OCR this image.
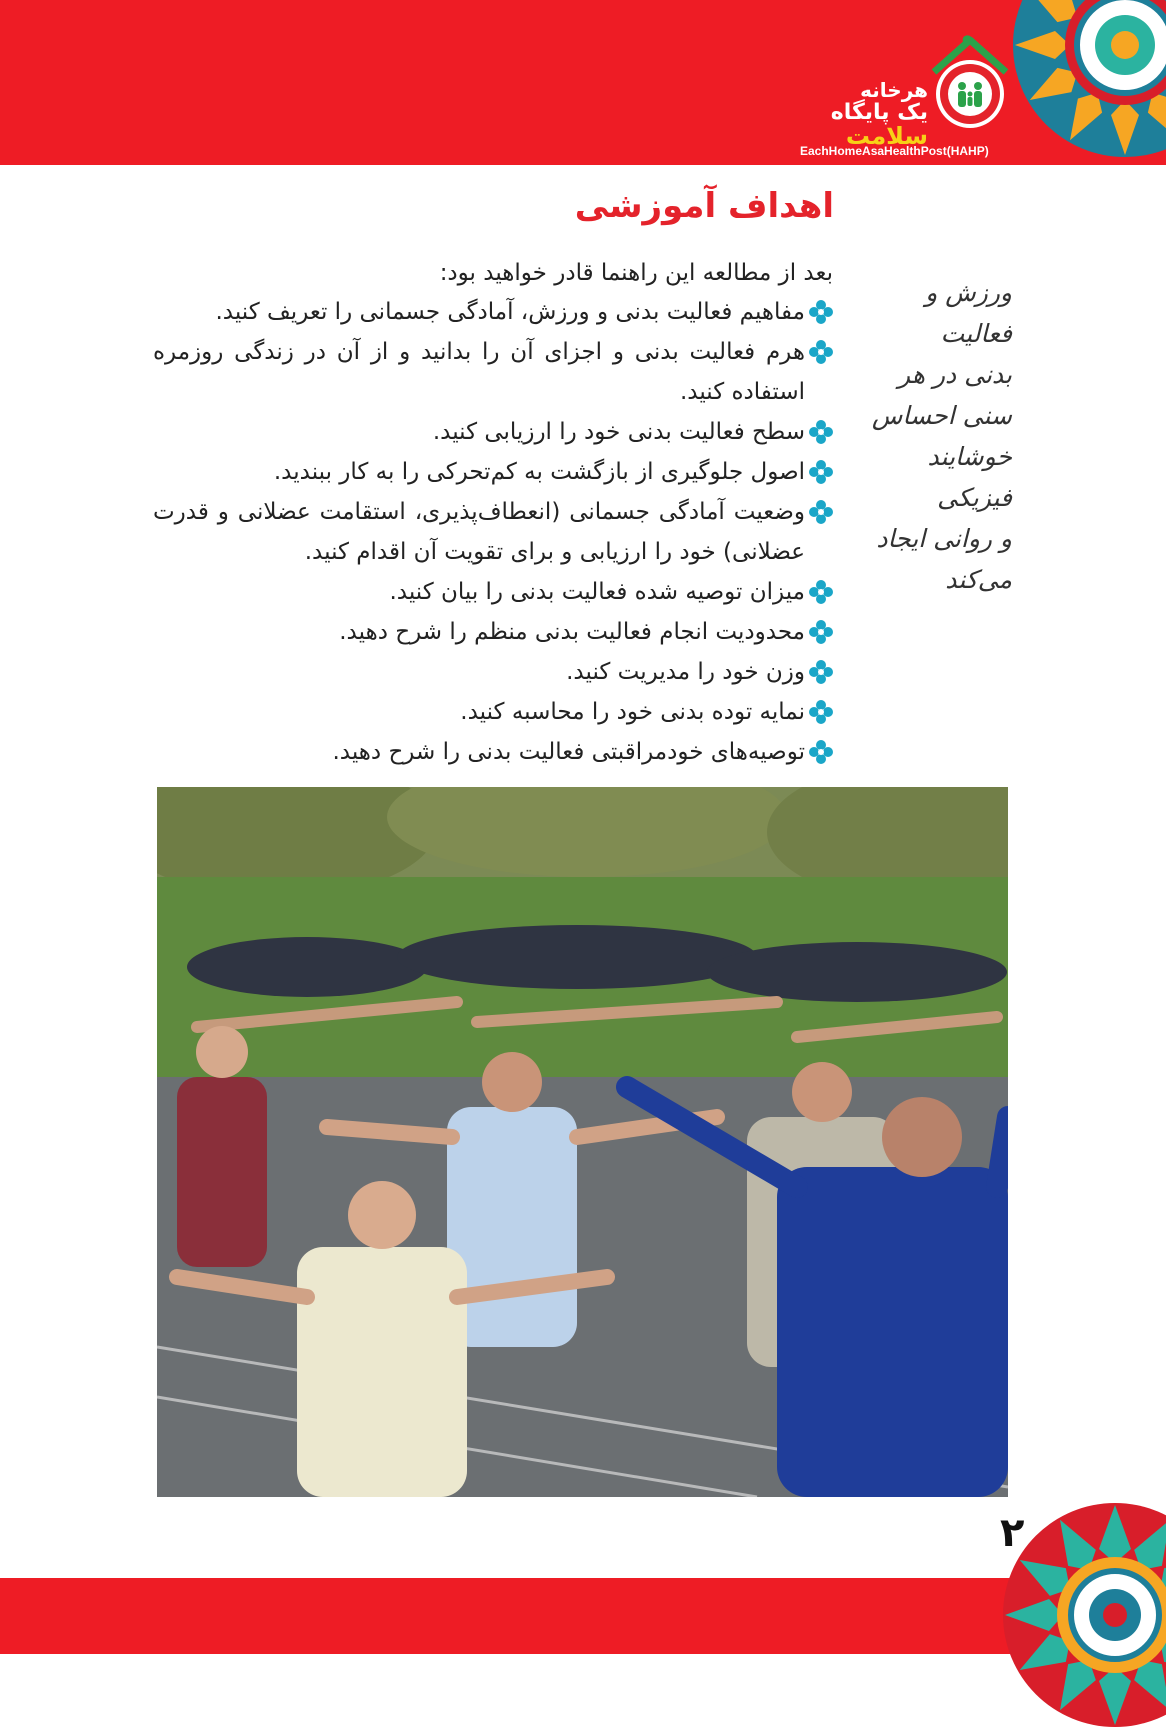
هرخانه
یک پایگاه
سلامت
EachHomeAsaHealthPost(HAHP)
اهداف آموزشی
بعد از مطالعه این راهنما قادر خواهید بود:
مفاهیم فعالیت بدنی و ورزش، آمادگی جسمانی را تعریف کنید.
هرم فعالیت بدنی و اجزای آن را بدانید و از آن در زندگی روزمره استفاده کنید.
سطح فعالیت بدنی خود را ارزیابی کنید.
اصول جلوگیری از بازگشت به کم‌تحرکی را به کار ببندید.
وضعیت آمادگی جسمانی (انعطاف‌پذیری، استقامت عضلانی و قدرت عضلانی) خود را ارزیابی و برای تقویت آن اقدام کنید.
میزان توصیه شده فعالیت بدنی را بیان کنید.
محدودیت انجام فعالیت بدنی منظم را شرح دهید.
وزن خود را مدیریت کنید.
نمایه توده بدنی خود را محاسبه کنید.
توصیه‌های خودمراقبتی فعالیت بدنی را شرح دهید.
ورزش و فعالیت
بدنی در هر
سنی احساس
خوشایند فیزیکی
و روانی ایجاد
می‌کند
۲
